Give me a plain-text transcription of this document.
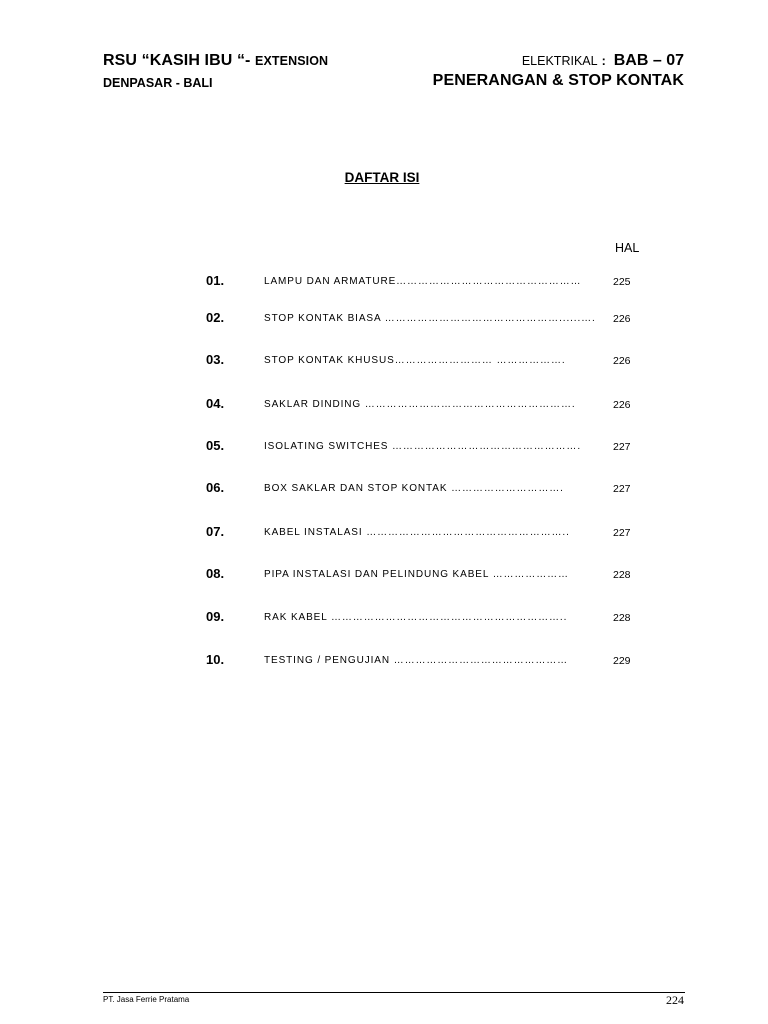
RSU “KASIH IBU “- EXTENSION
DENPASAR - BALI
ELEKTRIKAL : BAB – 07
PENERANGAN & STOP KONTAK
DAFTAR ISI
HAL
01.	LAMPU DAN ARMATURE……………………………………………	225
02.	STOP KONTAK BIASA …………………………………………......…. 226
03.	STOP KONTAK KHUSUS……………………… ……………….	226
04.	SAKLAR DINDING ………………………………………………….	226
05.	ISOLATING SWITCHES …………………………………………….	227
06.	BOX SAKLAR DAN STOP KONTAK ………………………….	227
07.	KABEL INSTALASI ………………………………………………..	227
08.	PIPA INSTALASI DAN PELINDUNG KABEL …………………	228
09.	RAK KABEL ………………………………………………………..	228
10.	TESTING / PENGUJIAN …………………………………………	229
PT. Jasa Ferrie Pratama	224
